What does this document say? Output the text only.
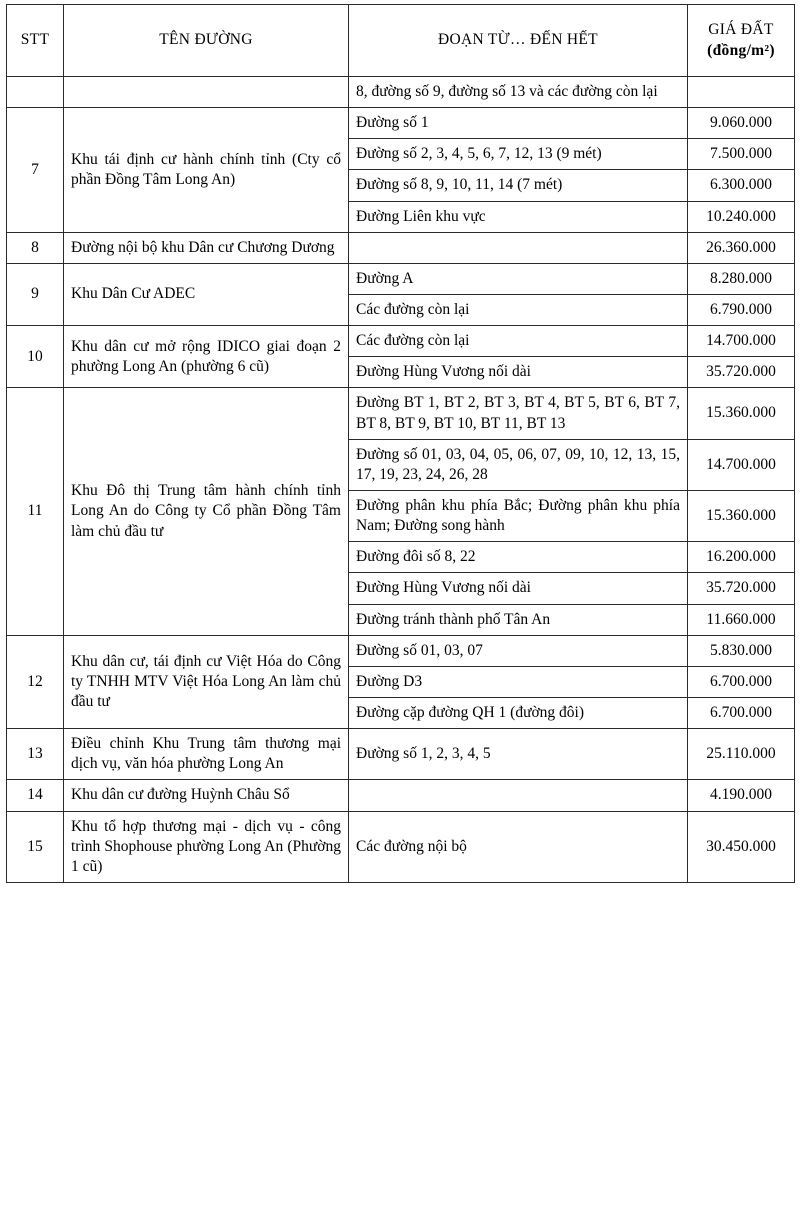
STT	TÊN ĐƯỜNG	ĐOẠN TỪ… ĐẾN HẾT	GIÁ ĐẤT
(đồng/m²)

		8, đường số 9, đường số 13 và các đường còn lại	
7	Khu tái định cư hành chính tỉnh (Cty cổ phần Đồng Tâm Long An)	Đường số 1	9.060.000
		Đường số 2, 3, 4, 5, 6, 7, 12, 13 (9 mét)	7.500.000
		Đường số 8, 9, 10, 11, 14 (7 mét)	6.300.000
		Đường Liên khu vực	10.240.000
8	Đường nội bộ khu Dân cư Chương Dương		26.360.000
9	Khu Dân Cư ADEC	Đường A	8.280.000
		Các đường còn lại	6.790.000
10	Khu dân cư mở rộng IDICO giai đoạn 2 phường Long An (phường 6 cũ)	Các đường còn lại	14.700.000
		Đường Hùng Vương nối dài	35.720.000
11	Khu Đô thị Trung tâm hành chính tỉnh Long An do Công ty Cổ phần Đồng Tâm làm chủ đầu tư	Đường BT 1, BT 2, BT 3, BT 4, BT 5, BT 6, BT 7, BT 8, BT 9, BT 10, BT 11, BT 13	15.360.000
		Đường số 01, 03, 04, 05, 06, 07, 09, 10, 12, 13, 15, 17, 19, 23, 24, 26, 28	14.700.000
		Đường phân khu phía Bắc; Đường phân khu phía Nam; Đường song hành	15.360.000
		Đường đôi số 8, 22	16.200.000
		Đường Hùng Vương nối dài	35.720.000
		Đường tránh thành phố Tân An	11.660.000
12	Khu dân cư, tái định cư Việt Hóa do Công ty TNHH MTV Việt Hóa Long An làm chủ đầu tư	Đường số 01, 03, 07	5.830.000
		Đường D3	6.700.000
		Đường cặp đường QH 1 (đường đôi)	6.700.000
13	Điều chỉnh Khu Trung tâm thương mại dịch vụ, văn hóa phường Long An	Đường số 1, 2, 3, 4, 5	25.110.000
14	Khu dân cư đường Huỳnh Châu Sổ		4.190.000
15	Khu tổ hợp thương mại - dịch vụ - công trình Shophouse phường Long An (Phường 1 cũ)	Các đường nội bộ	30.450.000
